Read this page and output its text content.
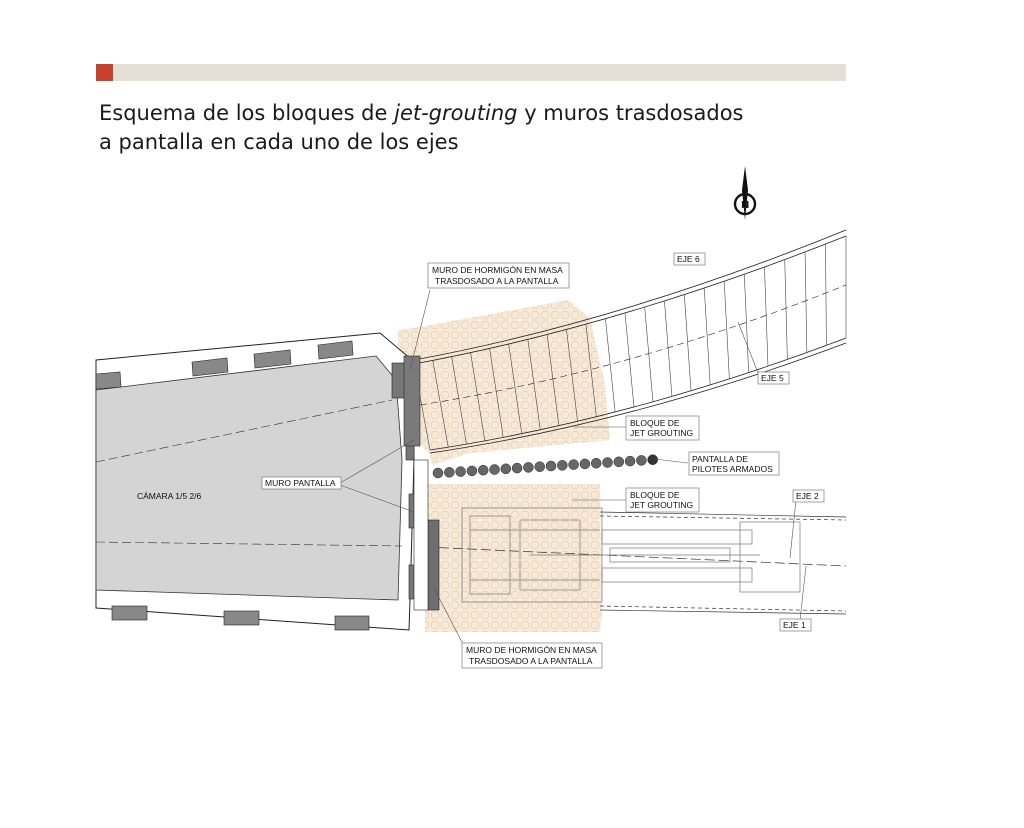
Esquema de los bloques de jet-grouting y muros trasdosados
a pantalla en cada uno de los ejes
N
MURO DE HORMIGÓN EN MASA
TRASDOSADO A LA PANTALLA
EJE 6
EJE 5
BLOQUE DE
JET GROUTING
PANTALLA DE
PILOTES ARMADOS
MURO PANTALLA
CÁMARA 1/5 2/6	BLOQUE DE
JET GROUTING
EJE 2
EJE 1
MURO DE HORMIGÓN EN MASA
TRASDOSADO A LA PANTALLA
